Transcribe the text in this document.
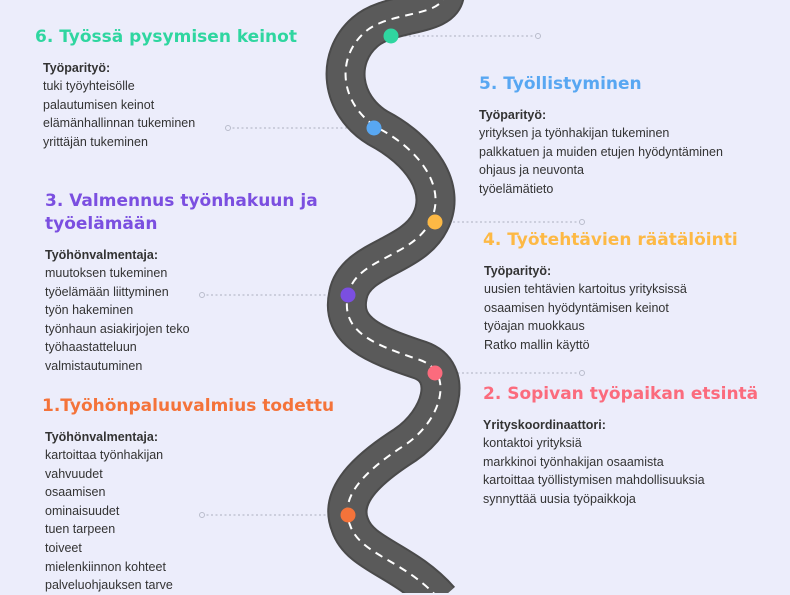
6. Työssä pysymisen keinot
Työparityö:
tuki työyhteisölle
palautumisen keinot
elämänhallinnan tukeminen
yrittäjän tukeminen
5. Työllistyminen
Työparityö:
yrityksen ja työnhakijan tukeminen
palkkatuen ja muiden etujen hyödyntäminen
ohjaus ja neuvonta
työelämätieto
3. Valmennus työnhakuun ja
työelämään
Työhönvalmentaja:
muutoksen tukeminen
työelämään liittyminen
työn hakeminen
työnhaun asiakirjojen teko
työhaastatteluun
valmistautuminen
4. Työtehtävien räätälöinti
Työparityö:
uusien tehtävien kartoitus yrityksissä
osaamisen hyödyntämisen keinot
työajan muokkaus
Ratko mallin käyttö
1.Työhönpaluuvalmius todettu
Työhönvalmentaja:
kartoittaa työnhakijan
vahvuudet
osaamisen
ominaisuudet
tuen tarpeen
toiveet
mielenkiinnon kohteet
palveluohjauksen tarve
2. Sopivan työpaikan etsintä
Yrityskoordinaattori:
kontaktoi yrityksiä
markkinoi työnhakijan osaamista
kartoittaa työllistymisen mahdollisuuksia
synnyttää uusia työpaikkoja
